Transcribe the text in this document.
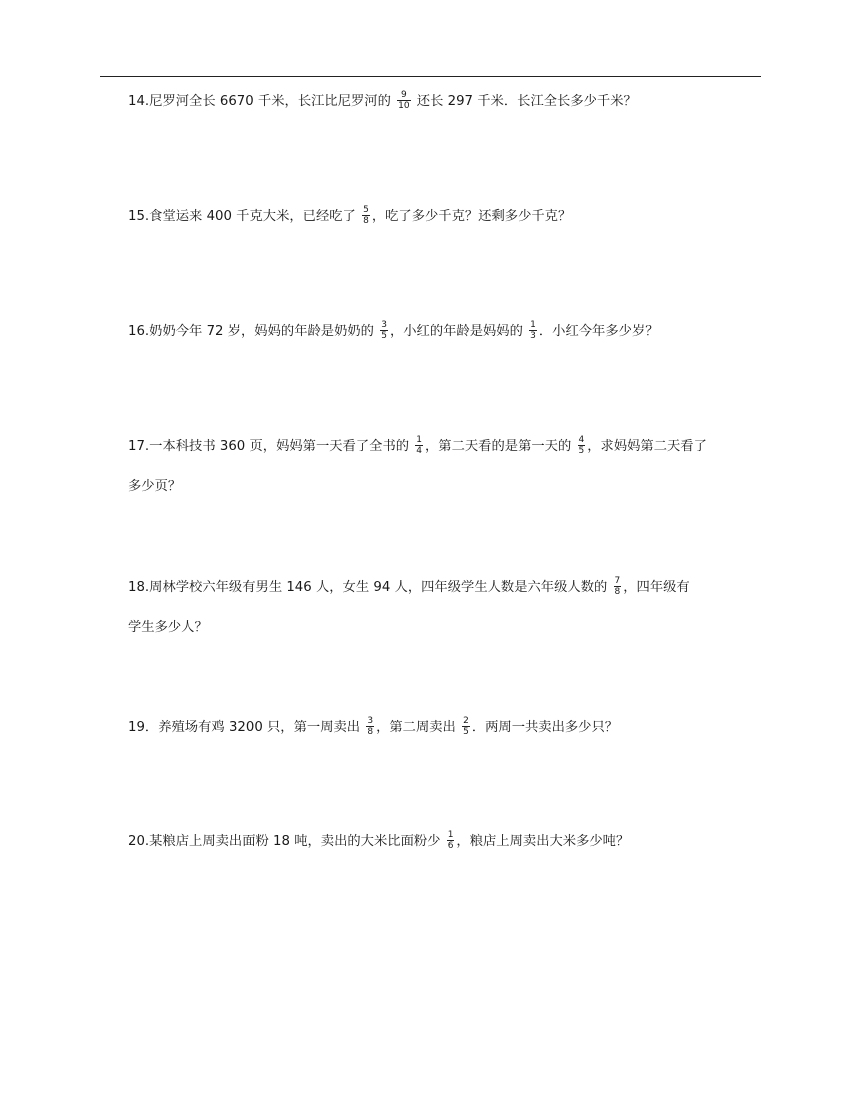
14.尼罗河全长 6670 千米，长江比尼罗河的 $\frac{9}{10}$ 还长 297 千米．长江全长多少千米？
15.食堂运来 400 千克大米，已经吃了 $\frac{5}{8}$ ，吃了多少千克？还剩多少千克？
16.奶奶今年 72 岁，妈妈的年龄是奶奶的 $\frac{3}{5}$ ，小红的年龄是妈妈的 $\frac{1}{3}$ ．小红今年多少岁？
17.一本科技书 360 页，妈妈第一天看了全书的 $\frac{1}{4}$ ，第二天看的是第一天的 $\frac{4}{5}$ ，求妈妈第二天看了
多少页？
18.周林学校六年级有男生 146 人，女生 94 人，四年级学生人数是六年级人数的 $\frac{7}{8}$ ，四年级有
学生多少人？
19．养殖场有鸡 3200 只，第一周卖出 $\frac{3}{8}$ ，第二周卖出 $\frac{2}{5}$ ．两周一共卖出多少只？
20.某粮店上周卖出面粉 18 吨，卖出的大米比面粉少 $\frac{1}{6}$ ，粮店上周卖出大米多少吨？
